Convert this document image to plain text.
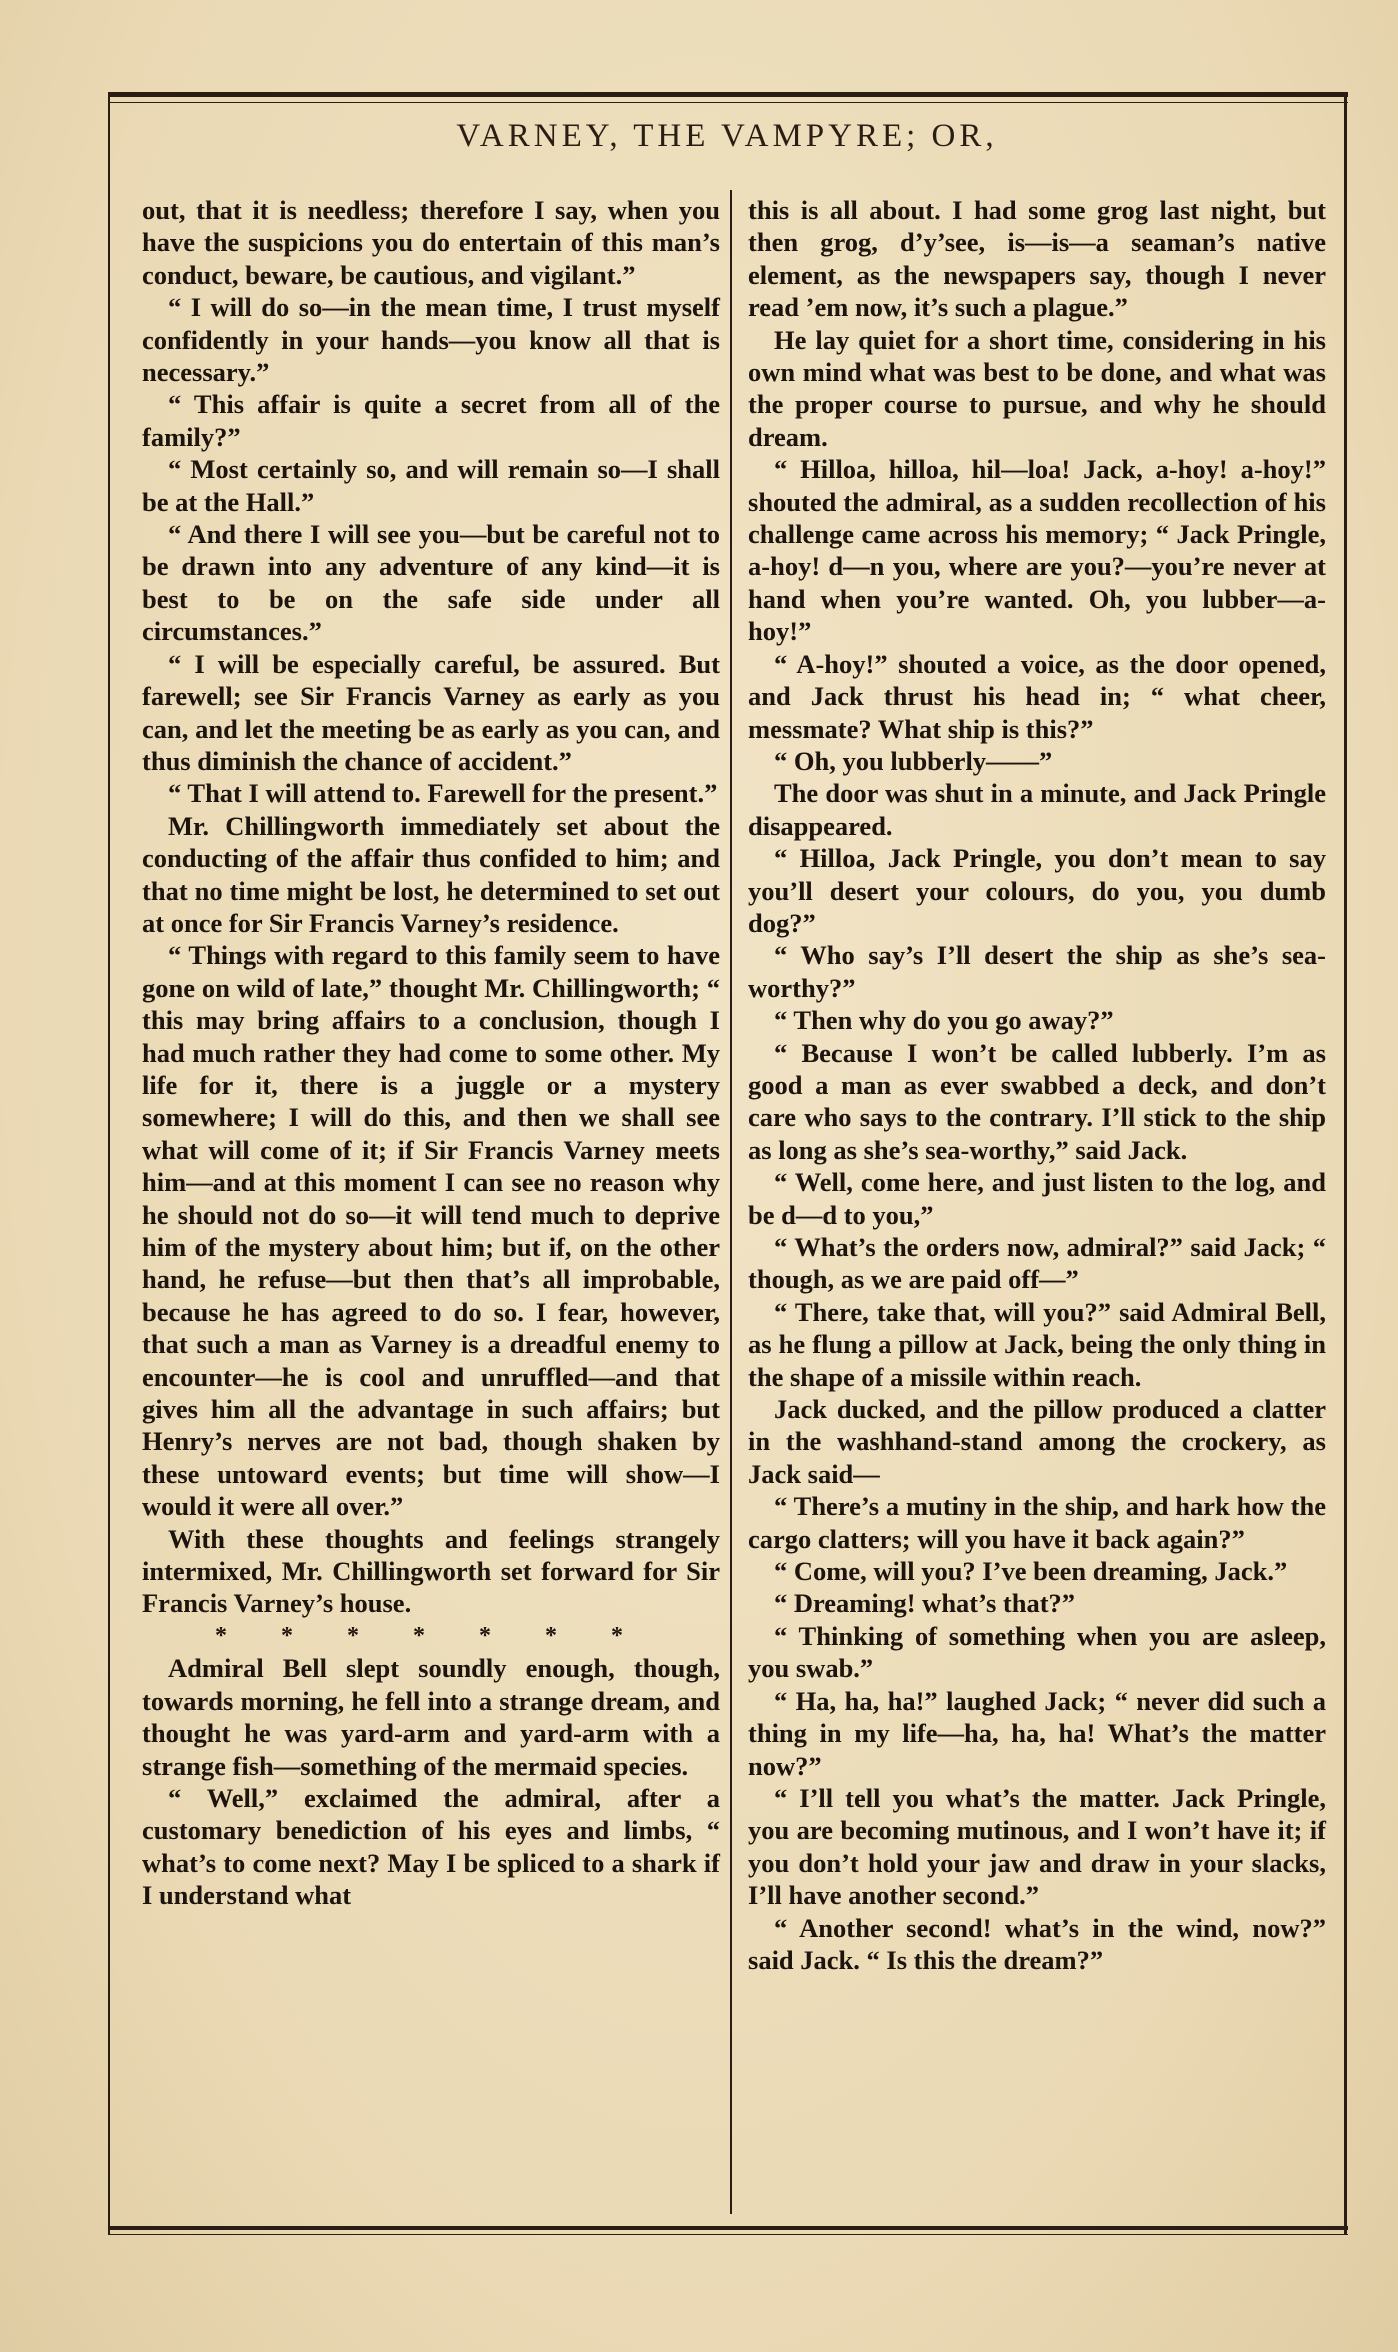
VARNEY, THE VAMPYRE; OR,

out, that it is needless; therefore I say, when you have the suspicions you do entertain of this man’s conduct, beware, be cautious, and vigilant.”

“ I will do so—in the mean time, I trust myself confidently in your hands—you know all that is necessary.”

“ This affair is quite a secret from all of the family?”

“ Most certainly so, and will remain so—I shall be at the Hall.”

“ And there I will see you—but be careful not to be drawn into any adventure of any kind—it is best to be on the safe side under all circumstances.”

“ I will be especially careful, be assured. But farewell; see Sir Francis Varney as early as you can, and let the meeting be as early as you can, and thus diminish the chance of accident.”

“ That I will attend to. Farewell for the present.”

Mr. Chillingworth immediately set about the conducting of the affair thus confided to him; and that no time might be lost, he determined to set out at once for Sir Francis Varney’s residence.

“ Things with regard to this family seem to have gone on wild of late,” thought Mr. Chillingworth; “ this may bring affairs to a conclusion, though I had much rather they had come to some other. My life for it, there is a juggle or a mystery somewhere; I will do this, and then we shall see what will come of it; if Sir Francis Varney meets him—and at this moment I can see no reason why he should not do so—it will tend much to deprive him of the mystery about him; but if, on the other hand, he refuse—but then that’s all improbable, because he has agreed to do so. I fear, however, that such a man as Varney is a dreadful enemy to encounter—he is cool and unruffled—and that gives him all the advantage in such affairs; but Henry’s nerves are not bad, though shaken by these untoward events; but time will show—I would it were all over.”

With these thoughts and feelings strangely intermixed, Mr. Chillingworth set forward for Sir Francis Varney’s house.

* * * * * * *

Admiral Bell slept soundly enough, though, towards morning, he fell into a strange dream, and thought he was yard-arm and yard-arm with a strange fish—something of the mermaid species.

“ Well,” exclaimed the admiral, after a customary benediction of his eyes and limbs, “ what’s to come next? May I be spliced to a shark if I understand what

this is all about. I had some grog last night, but then grog, d’y’see, is—is—a seaman’s native element, as the newspapers say, though I never read ’em now, it’s such a plague.”

He lay quiet for a short time, considering in his own mind what was best to be done, and what was the proper course to pursue, and why he should dream.

“ Hilloa, hilloa, hil—loa! Jack, a-hoy! a-hoy!” shouted the admiral, as a sudden recollection of his challenge came across his memory; “ Jack Pringle, a-hoy! d—n you, where are you?—you’re never at hand when you’re wanted. Oh, you lubber—a-hoy!”

“ A-hoy!” shouted a voice, as the door opened, and Jack thrust his head in; “ what cheer, messmate? What ship is this?”

“ Oh, you lubberly——”

The door was shut in a minute, and Jack Pringle disappeared.

“ Hilloa, Jack Pringle, you don’t mean to say you’ll desert your colours, do you, you dumb dog?”

“ Who say’s I’ll desert the ship as she’s sea-worthy?”

“ Then why do you go away?”

“ Because I won’t be called lubberly. I’m as good a man as ever swabbed a deck, and don’t care who says to the contrary. I’ll stick to the ship as long as she’s sea-worthy,” said Jack.

“ Well, come here, and just listen to the log, and be d—d to you,”

“ What’s the orders now, admiral?” said Jack; “ though, as we are paid off—”

“ There, take that, will you?” said Admiral Bell, as he flung a pillow at Jack, being the only thing in the shape of a missile within reach.

Jack ducked, and the pillow produced a clatter in the washhand-stand among the crockery, as Jack said—

“ There’s a mutiny in the ship, and hark how the cargo clatters; will you have it back again?”

“ Come, will you? I’ve been dreaming, Jack.”

“ Dreaming! what’s that?”

“ Thinking of something when you are asleep, you swab.”

“ Ha, ha, ha!” laughed Jack; “ never did such a thing in my life—ha, ha, ha! What’s the matter now?”

“ I’ll tell you what’s the matter. Jack Pringle, you are becoming mutinous, and I won’t have it; if you don’t hold your jaw and draw in your slacks, I’ll have another second.”

“ Another second! what’s in the wind, now?” said Jack. “ Is this the dream?”
